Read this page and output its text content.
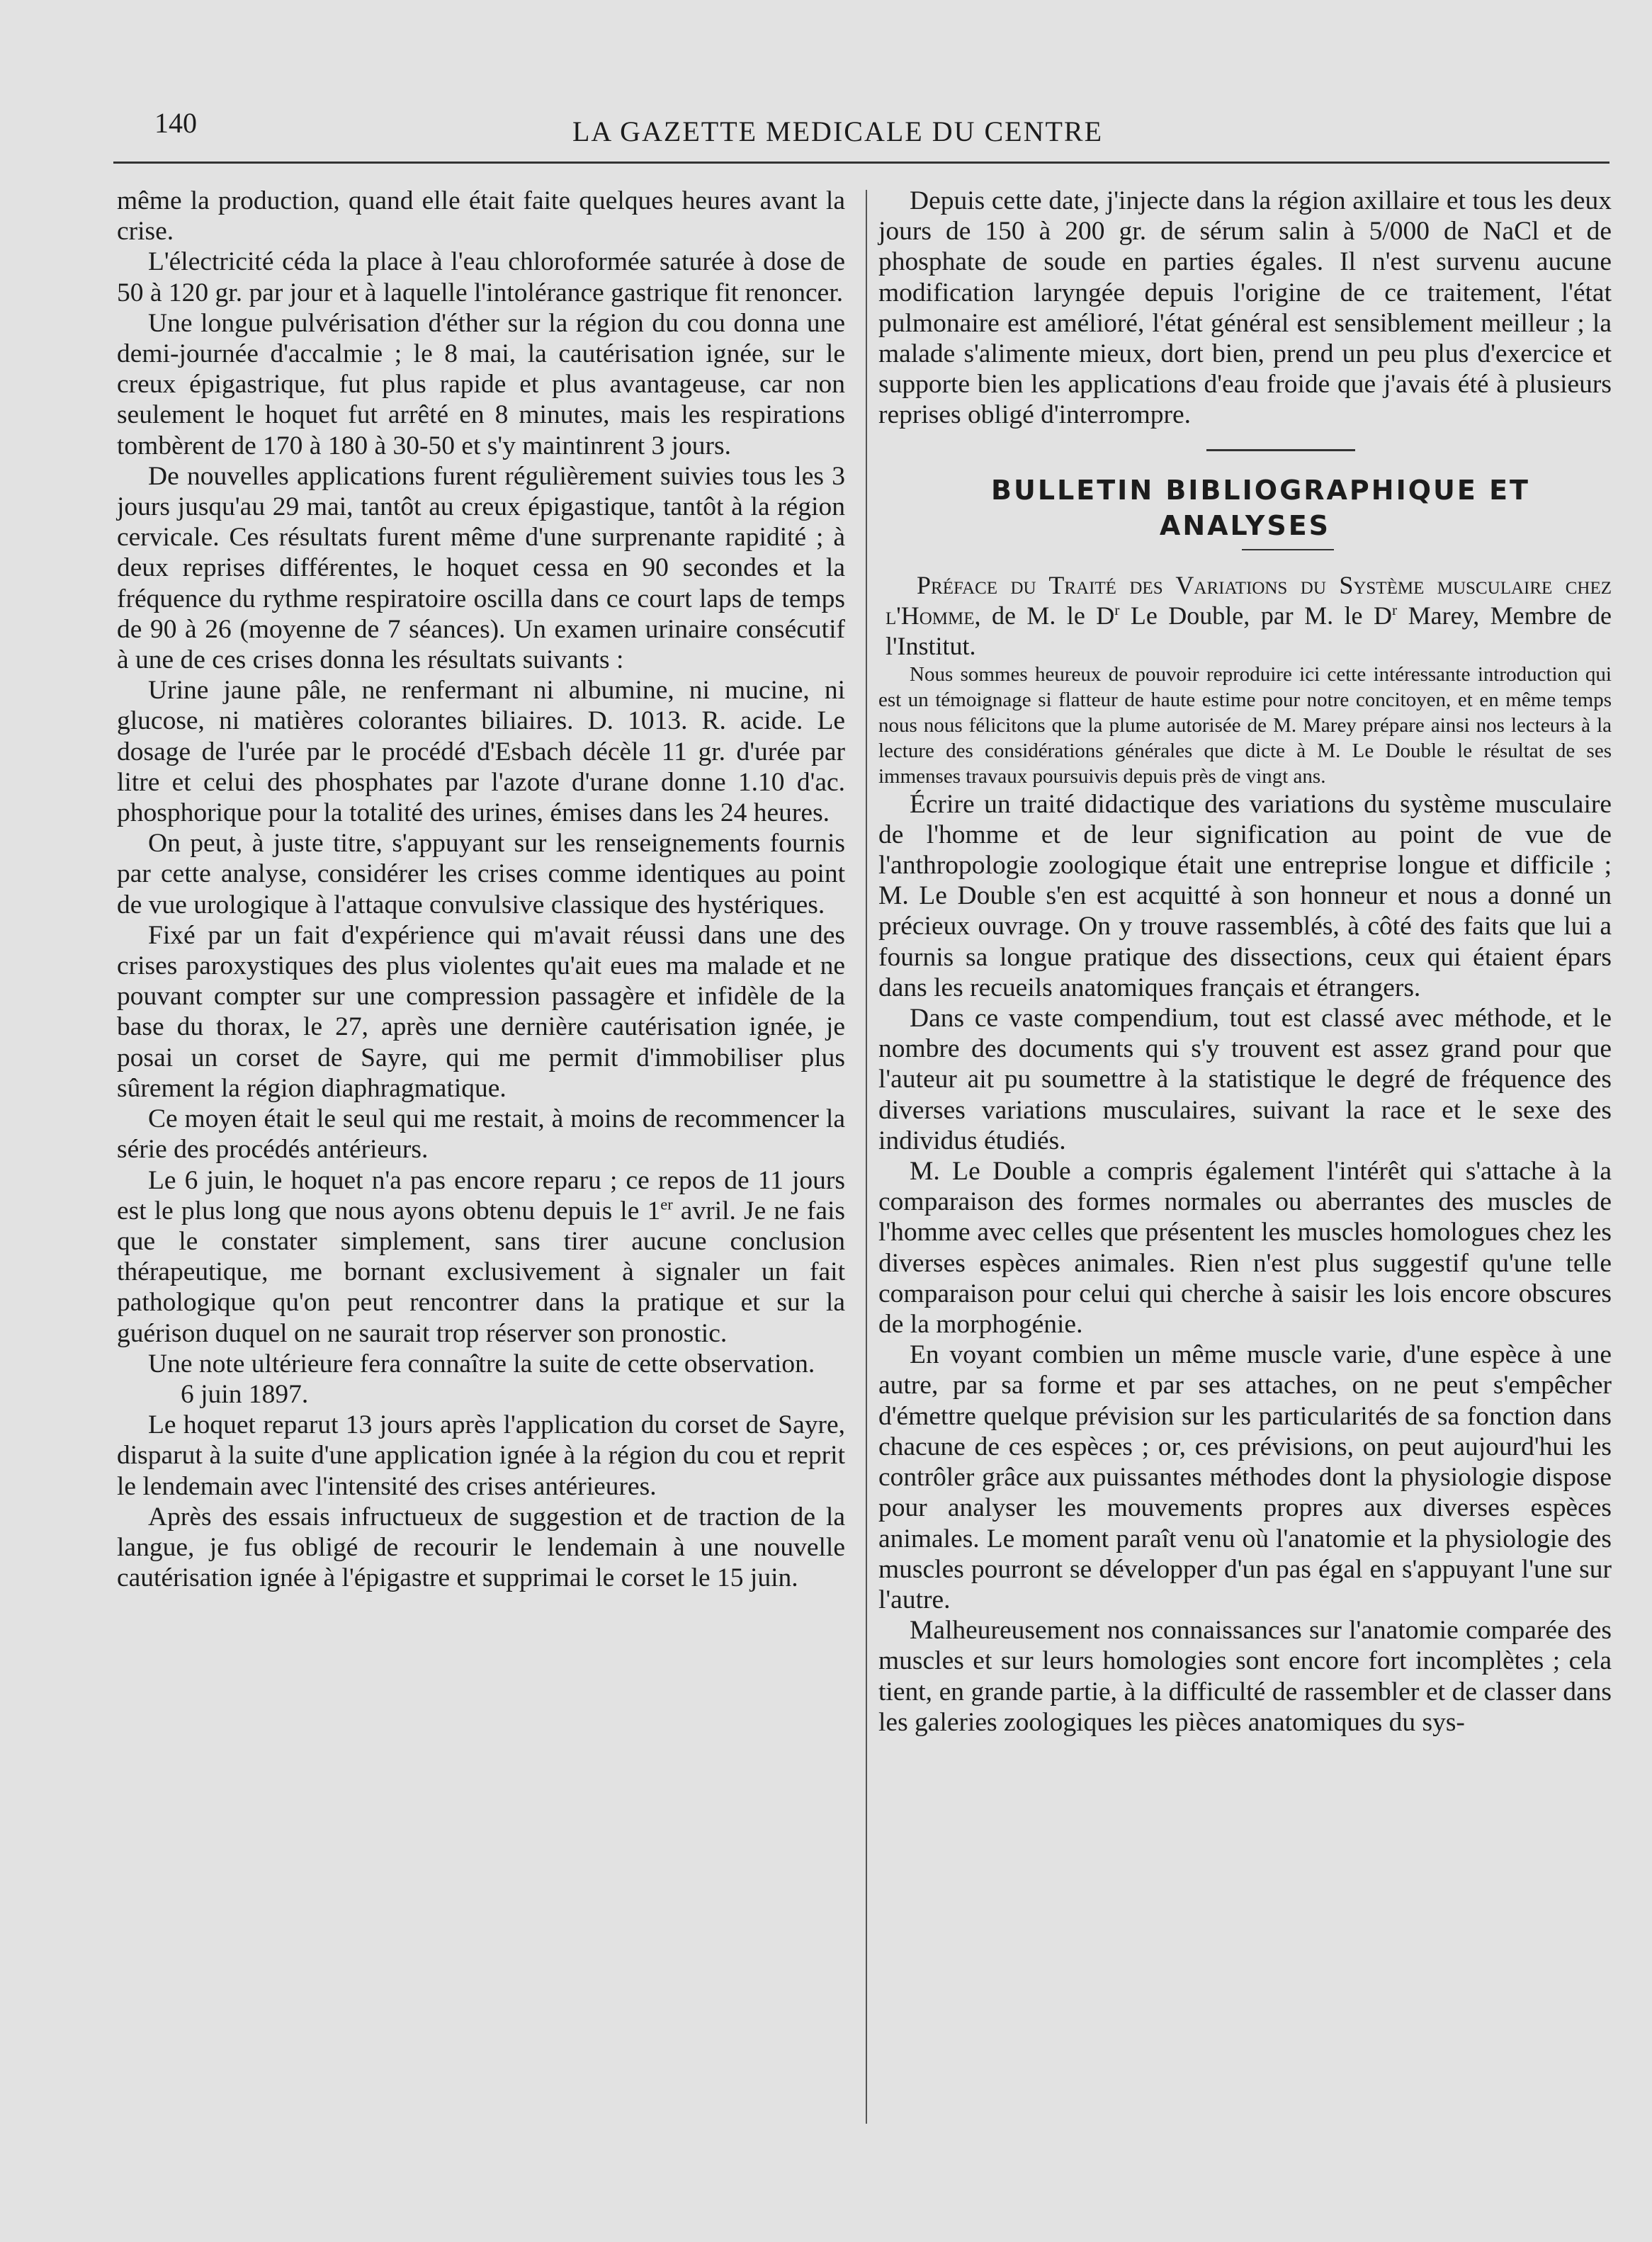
140	LA GAZETTE MEDICALE DU CENTRE

même la production, quand elle était faite quelques heures avant la crise.

L'électricité céda la place à l'eau chloroformée saturée à dose de 50 à 120 gr. par jour et à laquelle l'intolérance gastrique fit renoncer.

Une longue pulvérisation d'éther sur la région du cou donna une demi-journée d'accalmie ; le 8 mai, la cautérisation ignée, sur le creux épigastrique, fut plus rapide et plus avantageuse, car non seulement le hoquet fut arrêté en 8 minutes, mais les respirations tombèrent de 170 à 180 à 30-50 et s'y maintinrent 3 jours.

De nouvelles applications furent régulièrement suivies tous les 3 jours jusqu'au 29 mai, tantôt au creux épigastique, tantôt à la région cervicale. Ces résultats furent même d'une surprenante rapidité ; à deux reprises différentes, le hoquet cessa en 90 secondes et la fréquence du rythme respiratoire oscilla dans ce court laps de temps de 90 à 26 (moyenne de 7 séances). Un examen urinaire consécutif à une de ces crises donna les résultats suivants :

Urine jaune pâle, ne renfermant ni albumine, ni mucine, ni glucose, ni matières colorantes biliaires. D. 1013. R. acide. Le dosage de l'urée par le procédé d'Esbach décèle 11 gr. d'urée par litre et celui des phosphates par l'azote d'urane donne 1.10 d'ac. phosphorique pour la totalité des urines, émises dans les 24 heures.

On peut, à juste titre, s'appuyant sur les renseignements fournis par cette analyse, considérer les crises comme identiques au point de vue urologique à l'attaque convulsive classique des hystériques.

Fixé par un fait d'expérience qui m'avait réussi dans une des crises paroxystiques des plus violentes qu'ait eues ma malade et ne pouvant compter sur une compression passagère et infidèle de la base du thorax, le 27, après une dernière cautérisation ignée, je posai un corset de Sayre, qui me permit d'immobiliser plus sûrement la région diaphragmatique.

Ce moyen était le seul qui me restait, à moins de recommencer la série des procédés antérieurs.

Le 6 juin, le hoquet n'a pas encore reparu ; ce repos de 11 jours est le plus long que nous ayons obtenu depuis le 1er avril. Je ne fais que le constater simplement, sans tirer aucune conclusion thérapeutique, me bornant exclusivement à signaler un fait pathologique qu'on peut rencontrer dans la pratique et sur la guérison duquel on ne saurait trop réserver son pronostic.

Une note ultérieure fera connaître la suite de cette observation.

6 juin 1897.

Le hoquet reparut 13 jours après l'application du corset de Sayre, disparut à la suite d'une application ignée à la région du cou et reprit le lendemain avec l'intensité des crises antérieures.

Après des essais infructueux de suggestion et de traction de la langue, je fus obligé de recourir le lendemain à une nouvelle cautérisation ignée à l'épigastre et supprimai le corset le 15 juin.

Depuis cette date, j'injecte dans la région axillaire et tous les deux jours de 150 à 200 gr. de sérum salin à 5/000 de NaCl et de phosphate de soude en parties égales. Il n'est survenu aucune modification laryngée depuis l'origine de ce traitement, l'état pulmonaire est amélioré, l'état général est sensiblement meilleur ; la malade s'alimente mieux, dort bien, prend un peu plus d'exercice et supporte bien les applications d'eau froide que j'avais été à plusieurs reprises obligé d'interrompre.

BULLETIN BIBLIOGRAPHIQUE ET ANALYSES

Préface du Traité des Variations du Système musculaire chez l'Homme, de M. le $D^r$ Le Double, par M. le $D^r$ Marey, Membre de l'Institut.

Nous sommes heureux de pouvoir reproduire ici cette intéressante introduction qui est un témoignage si flatteur de haute estime pour notre concitoyen, et en même temps nous nous félicitons que la plume autorisée de M. Marey prépare ainsi nos lecteurs à la lecture des considérations générales que dicte à M. Le Double le résultat de ses immenses travaux poursuivis depuis près de vingt ans.

Écrire un traité didactique des variations du système musculaire de l'homme et de leur signification au point de vue de l'anthropologie zoologique était une entreprise longue et difficile ; M. Le Double s'en est acquitté à son honneur et nous a donné un précieux ouvrage. On y trouve rassemblés, à côté des faits que lui a fournis sa longue pratique des dissections, ceux qui étaient épars dans les recueils anatomiques français et étrangers.

Dans ce vaste compendium, tout est classé avec méthode, et le nombre des documents qui s'y trouvent est assez grand pour que l'auteur ait pu soumettre à la statistique le degré de fréquence des diverses variations musculaires, suivant la race et le sexe des individus étudiés.

M. Le Double a compris également l'intérêt qui s'attache à la comparaison des formes normales ou aberrantes des muscles de l'homme avec celles que présentent les muscles homologues chez les diverses espèces animales. Rien n'est plus suggestif qu'une telle comparaison pour celui qui cherche à saisir les lois encore obscures de la morphogénie.

En voyant combien un même muscle varie, d'une espèce à une autre, par sa forme et par ses attaches, on ne peut s'empêcher d'émettre quelque prévision sur les particularités de sa fonction dans chacune de ces espèces ; or, ces prévisions, on peut aujourd'hui les contrôler grâce aux puissantes méthodes dont la physiologie dispose pour analyser les mouvements propres aux diverses espèces animales. Le moment paraît venu où l'anatomie et la physiologie des muscles pourront se développer d'un pas égal en s'appuyant l'une sur l'autre.

Malheureusement nos connaissances sur l'anatomie comparée des muscles et sur leurs homologies sont encore fort incomplètes ; cela tient, en grande partie, à la difficulté de rassembler et de classer dans les galeries zoologiques les pièces anatomiques du sys-
